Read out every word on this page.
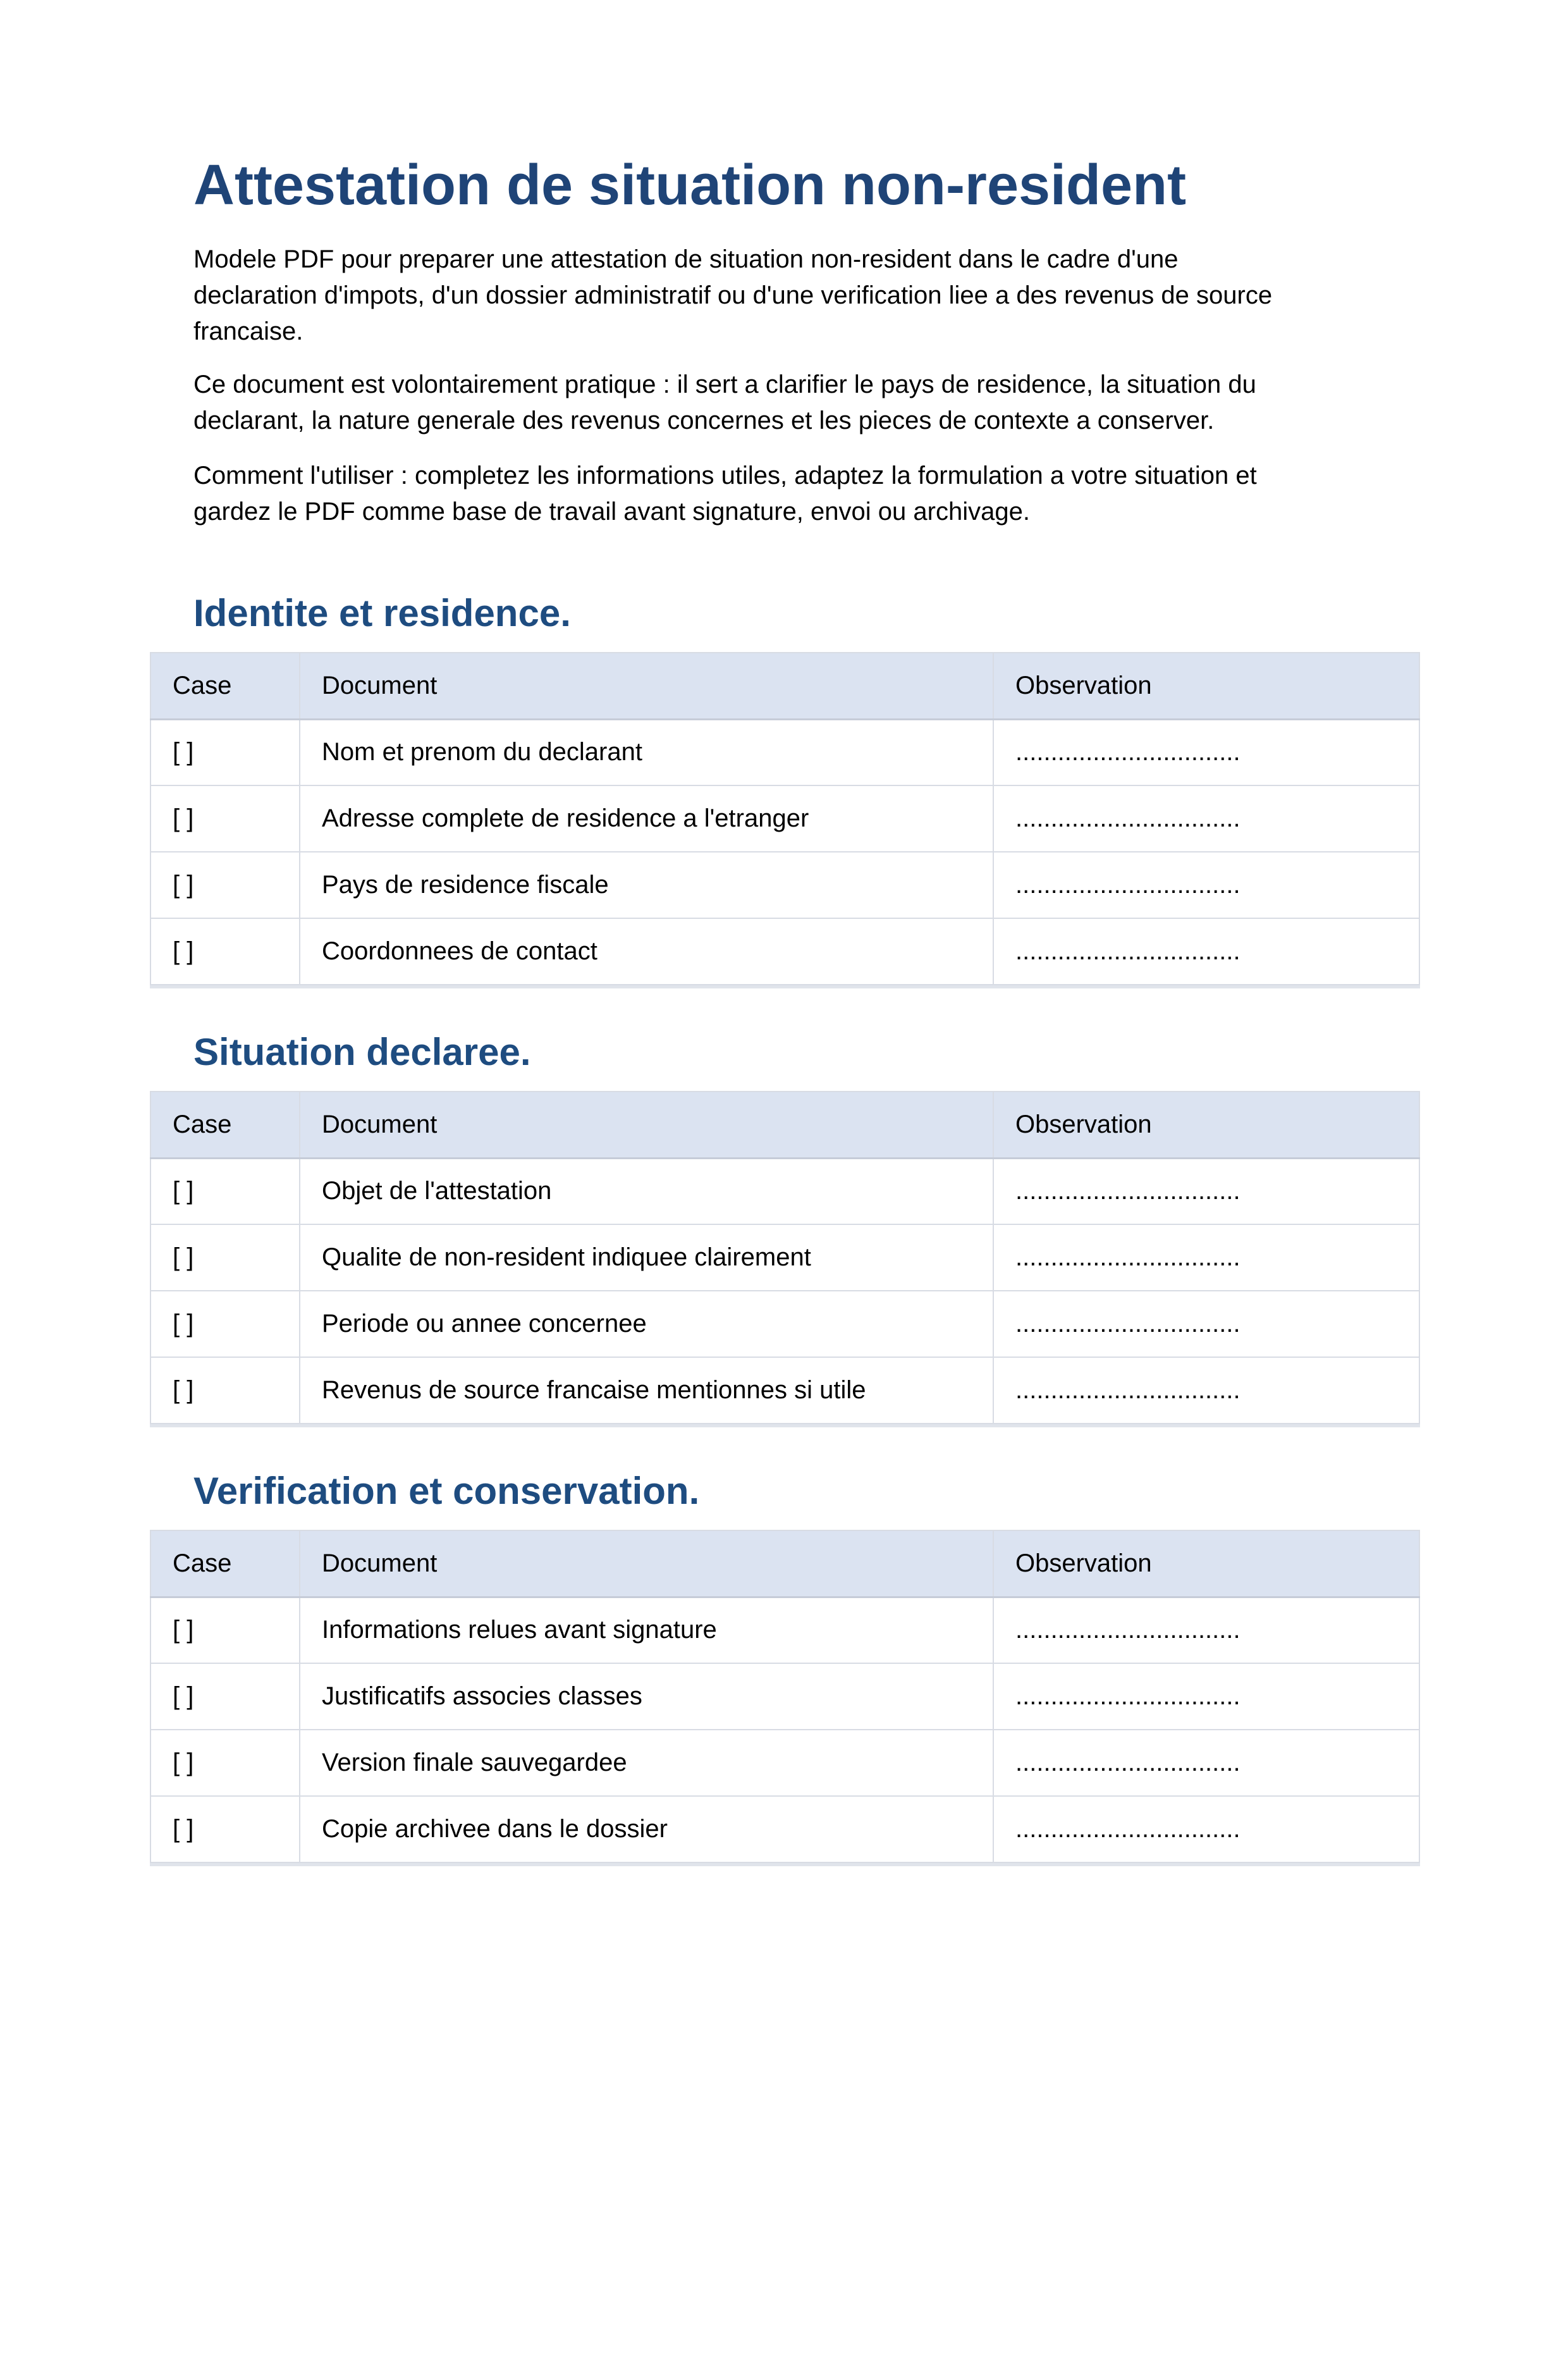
Attestation de situation non-resident

Modele PDF pour preparer une attestation de situation non-resident dans le cadre d'une
declaration d'impots, d'un dossier administratif ou d'une verification liee a des revenus de source
francaise.

Ce document est volontairement pratique : il sert a clarifier le pays de residence, la situation du
declarant, la nature generale des revenus concernes et les pieces de contexte a conserver.

Comment l'utiliser : completez les informations utiles, adaptez la formulation a votre situation et
gardez le PDF comme base de travail avant signature, envoi ou archivage.

Identite et residence.
Case	Document	Observation
[ ]	Nom et prenom du declarant	................................
[ ]	Adresse complete de residence a l'etranger	................................
[ ]	Pays de residence fiscale	................................
[ ]	Coordonnees de contact	................................
Situation declaree.
Case	Document	Observation
[ ]	Objet de l'attestation	................................
[ ]	Qualite de non-resident indiquee clairement	................................
[ ]	Periode ou annee concernee	................................
[ ]	Revenus de source francaise mentionnes si utile	................................
Verification et conservation.
Case	Document	Observation
[ ]	Informations relues avant signature	................................
[ ]	Justificatifs associes classes	................................
[ ]	Version finale sauvegardee	................................
[ ]	Copie archivee dans le dossier	................................
